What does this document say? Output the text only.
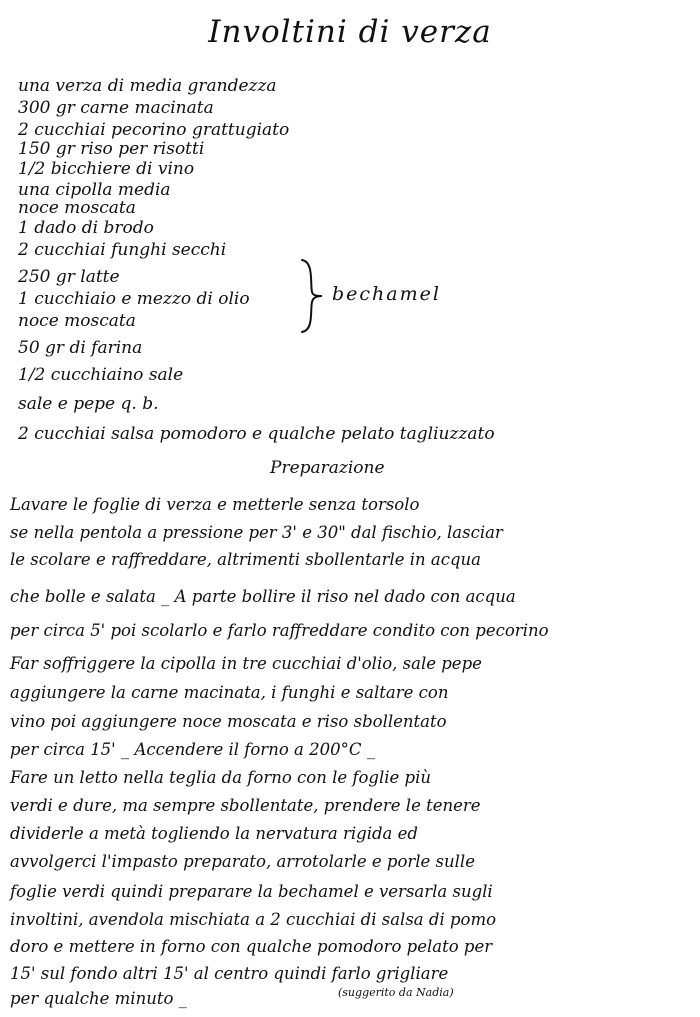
Involtini di verza
una verza di media grandezza
300 gr carne macinata
2 cucchiai pecorino grattugiato
150 gr riso per risotti
1/2 bicchiere di vino
una cipolla media
noce moscata
1 dado di brodo
2 cucchiai funghi secchi
250 gr latte
1 cucchiaio e mezzo di olio
noce moscata
50 gr di farina
1/2 cucchiaino sale
sale e pepe q. b.
2 cucchiai salsa pomodoro e qualche pelato tagliuzzato
bechamel
Preparazione
Lavare le foglie di verza e metterle senza torsolo
se nella pentola a pressione per 3' e 30" dal fischio, lasciar
le scolare e raffreddare, altrimenti sbollentarle in acqua
che bolle e salata _ A parte bollire il riso nel dado con acqua
per circa 5' poi scolarlo e farlo raffreddare condito con pecorino
Far soffriggere la cipolla in tre cucchiai d'olio, sale pepe
aggiungere la carne macinata, i funghi e saltare con
vino poi aggiungere noce moscata e riso sbollentato
per circa 15' _ Accendere il forno a 200°C _
Fare un letto nella teglia da forno con le foglie più
verdi e dure, ma sempre sbollentate, prendere le tenere
dividerle a metà togliendo la nervatura rigida ed
avvolgerci l'impasto preparato, arrotolarle e porle sulle
foglie verdi quindi preparare la bechamel e versarla sugli
involtini, avendola mischiata a 2 cucchiai di salsa di pomo
doro e mettere in forno con qualche pomodoro pelato per
15' sul fondo altri 15' al centro quindi farlo grigliare
per qualche minuto _	(suggerito da Nadia)
